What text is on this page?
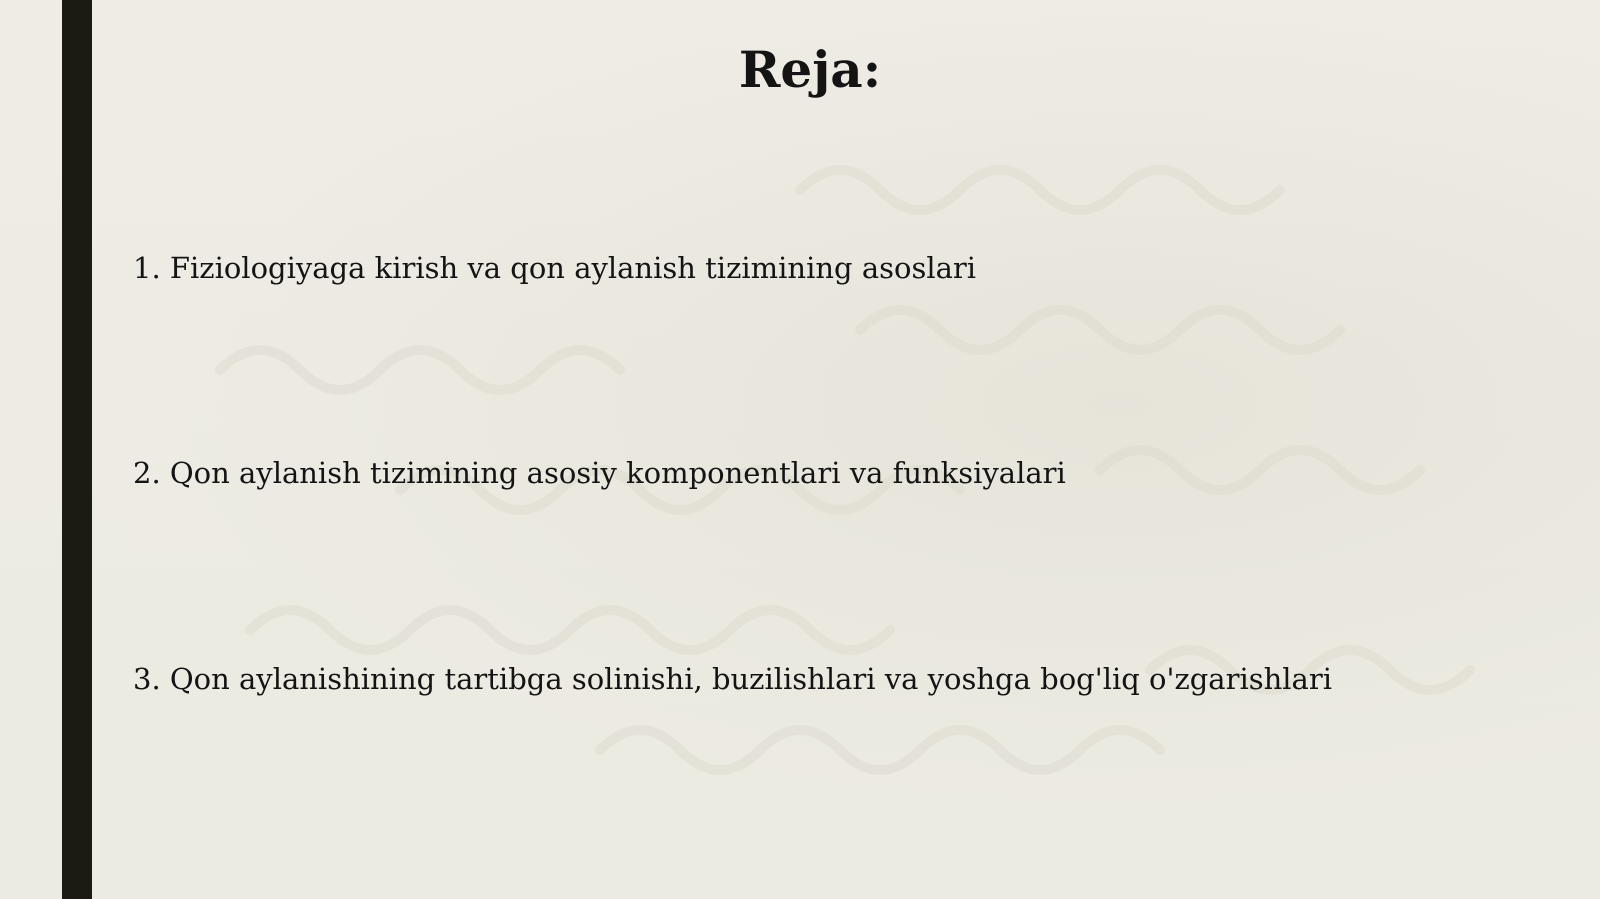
Reja:

1. Fiziologiyaga kirish va qon aylanish tizimining asoslari

2. Qon aylanish tizimining asosiy komponentlari va funksiyalari

3. Qon aylanishining tartibga solinishi, buzilishlari va yoshga bog'liq o'zgarishlari
